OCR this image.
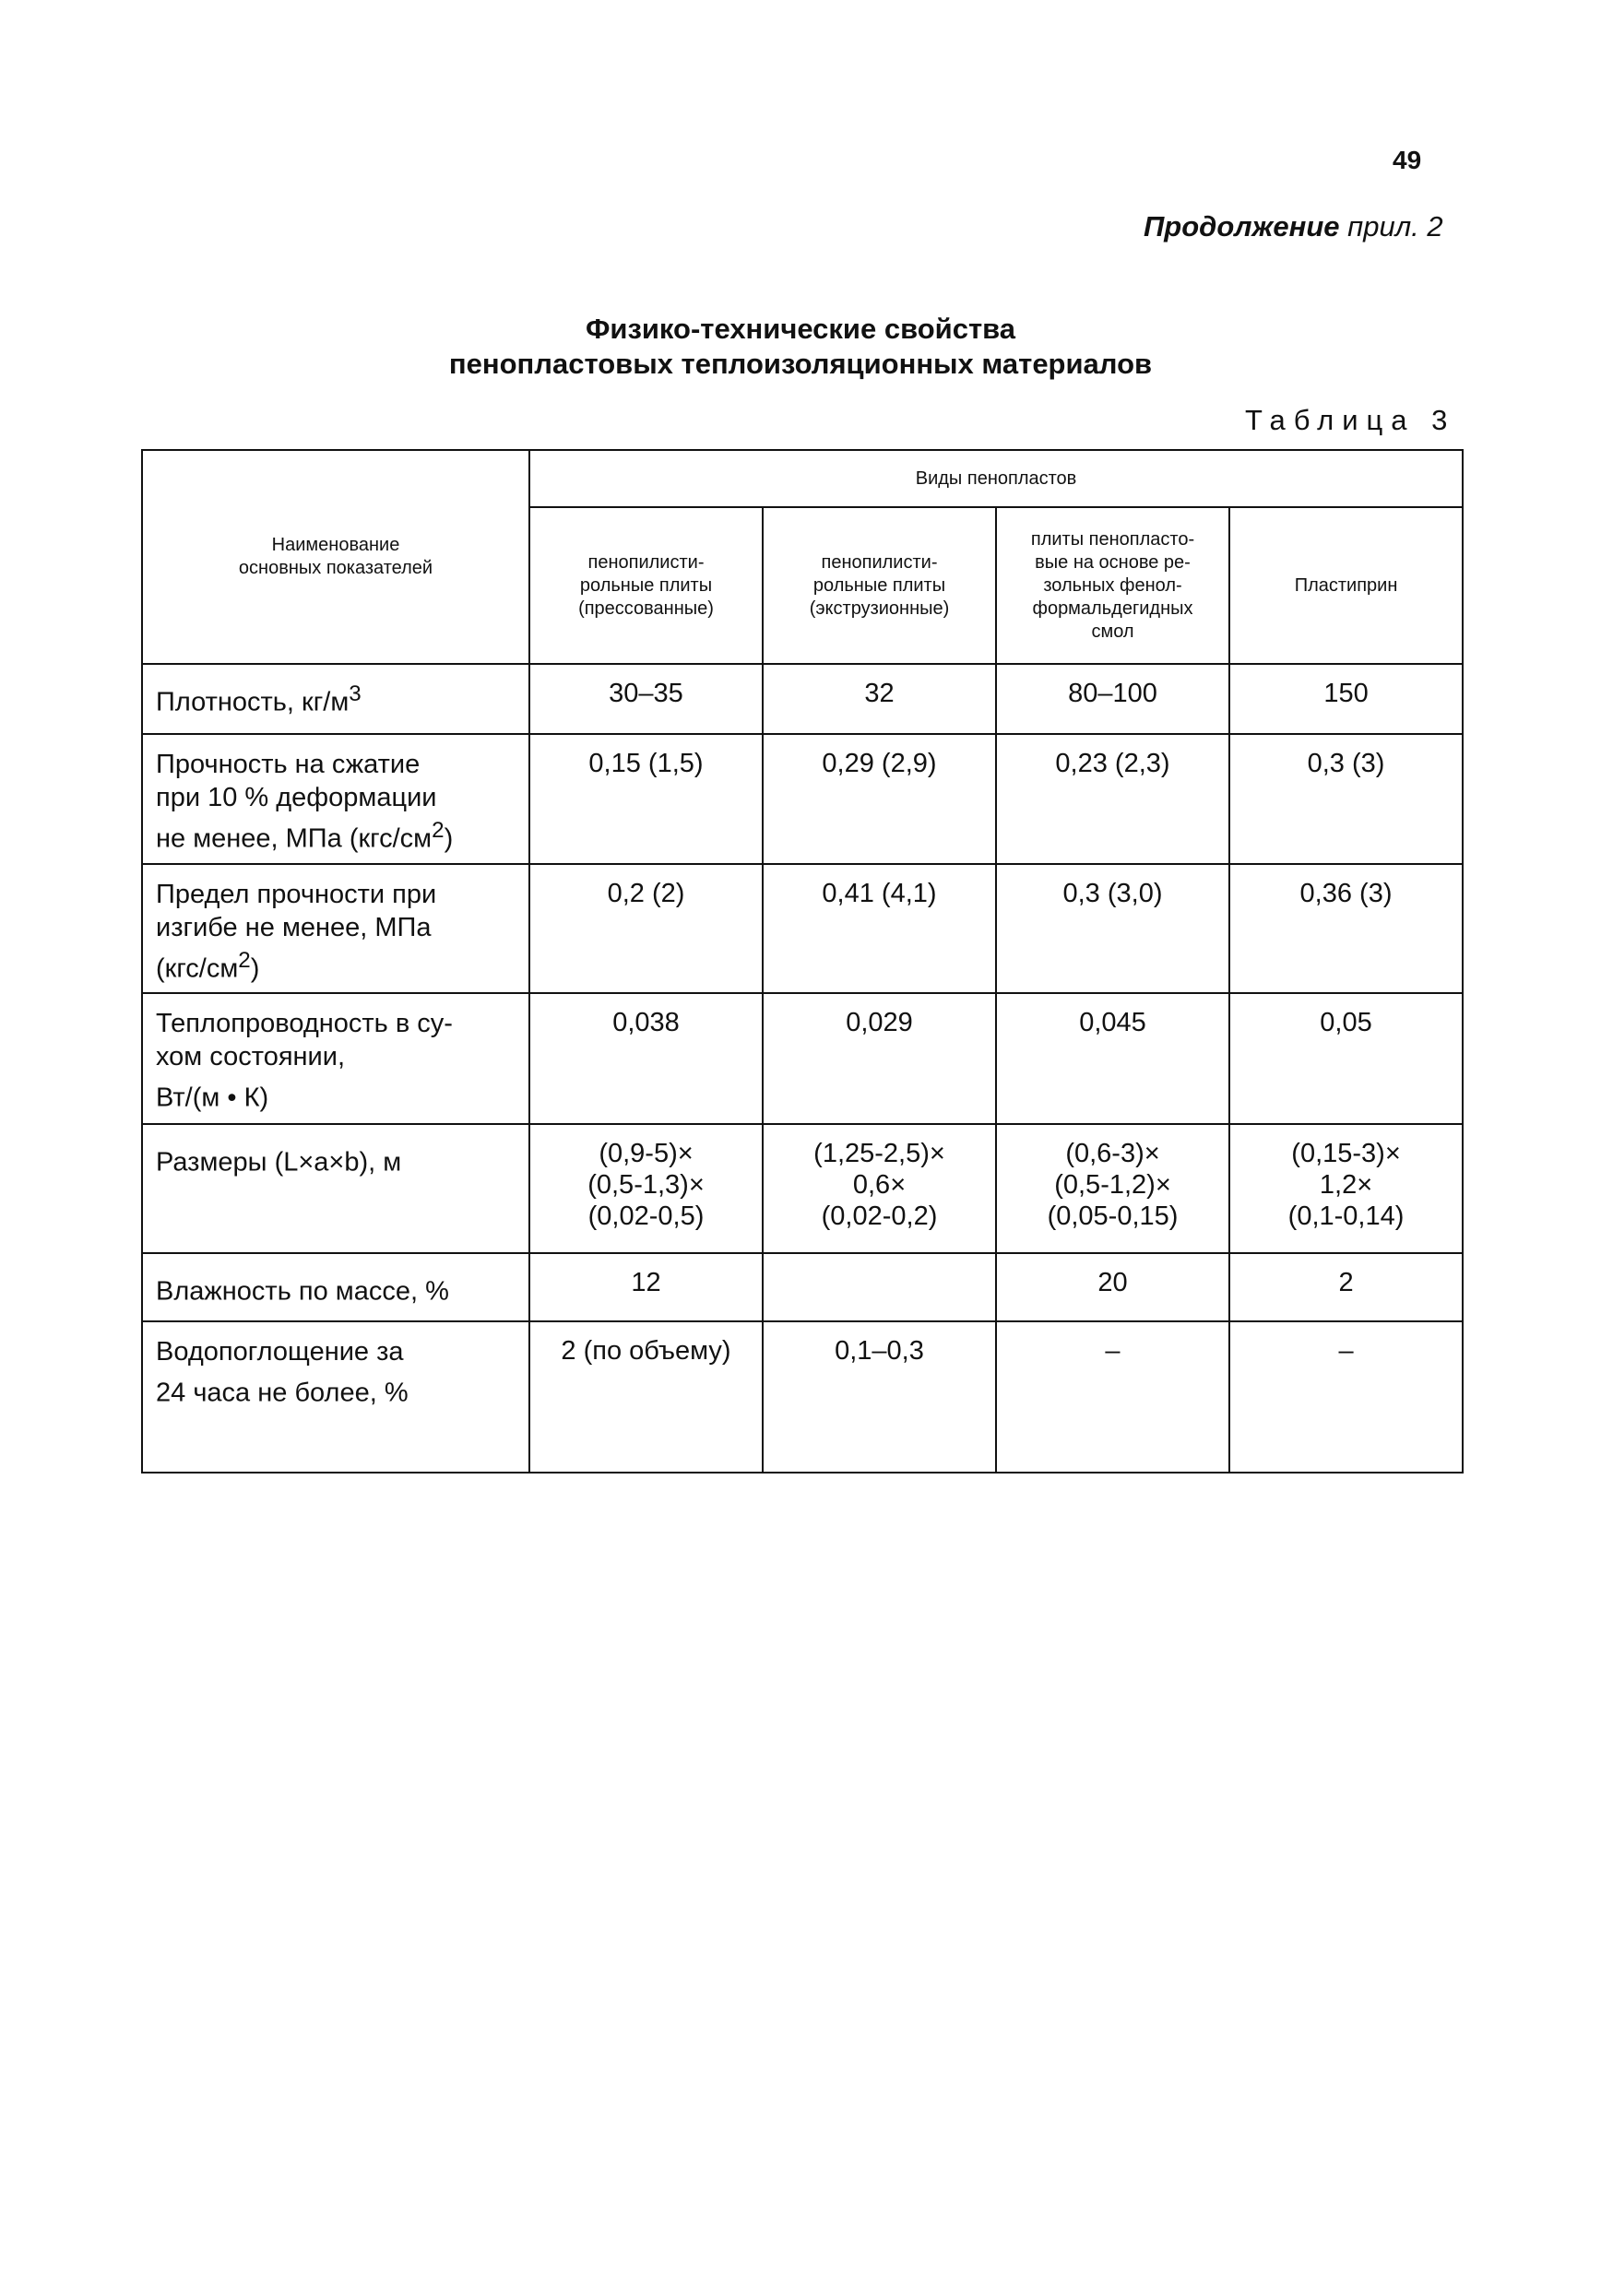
49
Продолжение прил. 2
Физико-технические свойства
пенопластовых теплоизоляционных материалов
Таблица 3
Наименование
основных показателей	Виды пенопластов			
	пенопилисти-
рольные плиты
(прессованные)	пенопилисти-
рольные плиты
(экструзионные)	плиты пенопласто-
вые на основе ре-
зольных фенол-
формальдегидных
смол	Пластиприн
Плотность, $кг/м^3$	30–35	32	80–100	150
Прочность на сжатие
при 10 % деформации
не менее, МПа $(кгс/см^2)$	0,15 (1,5)	0,29 (2,9)	0,23 (2,3)	0,3 (3)
Предел прочности при
изгибе не менее, МПа
$(кгс/см^2)$	0,2 (2)	0,41 (4,1)	0,3 (3,0)	0,36 (3)
Теплопроводность в су-
хом состоянии,
Вт/(м • К)	0,038	0,029	0,045	0,05
Размеры (L×a×b), м	(0,9-5)×
(0,5-1,3)×
(0,02-0,5)	(1,25-2,5)×
0,6×
(0,02-0,2)	(0,6-3)×
(0,5-1,2)×
(0,05-0,15)	(0,15-3)×
1,2×
(0,1-0,14)
Влажность по массе, %	12		20	2
Водопоглощение за
24 часа не более, %	2 (по объему)	0,1–0,3	–	–
